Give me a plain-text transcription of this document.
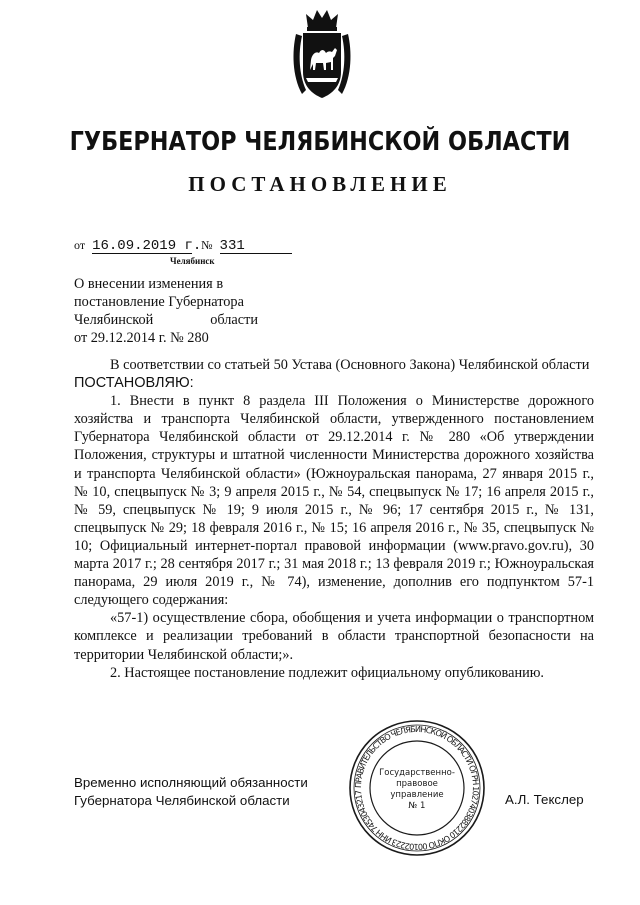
ГУБЕРНАТОР ЧЕЛЯБИНСКОЙ ОБЛАСТИ
ПОСТАНОВЛЕНИЕ
от 16.09.2019 г. № 331
Челябинск
О внесении изменения в
постановление Губернатора
Челябинской	области
от 29.12.2014 г. № 280

В соответствии со статьей 50 Устава (Основного Закона) Челябинской области

ПОСТАНОВЛЯЮ:

1. Внести в пункт 8 раздела III Положения о Министерстве дорожного хозяйства и транспорта Челябинской области, утвержденного постановлением Губернатора Челябинской области от 29.12.2014 г. № 280 «Об утверждении Положения, структуры и штатной численности Министерства дорожного хозяйства и транспорта Челябинской области» (Южноуральская панорама, 27 января 2015 г., № 10, спецвыпуск № 3; 9 апреля 2015 г., № 54, спецвыпуск № 17; 16 апреля 2015 г., № 59, спецвыпуск № 19; 9 июля 2015 г., № 96; 17 сентября 2015 г., № 131, спецвыпуск № 29; 18 февраля 2016 г., № 15; 16 апреля 2016 г., № 35, спецвыпуск № 10; Официальный интернет-портал правовой информации (www.pravo.gov.ru), 30 марта 2017 г.; 28 сентября 2017 г.; 31 мая 2018 г.; 13 февраля 2019 г.; Южноуральская панорама, 29 июля 2019 г., № 74), изменение, дополнив его подпунктом 57-1 следующего содержания:

«57-1) осуществление сбора, обобщения и учета информации о транспортном комплексе и реализации требований в области транспортной безопасности на территории Челябинской области;».

2. Настоящее постановление подлежит официальному опубликованию.

Временно исполняющий обязанности
Губернатора Челябинской области	А.Л. Текслер
ПРАВИТЕЛЬСТВО ЧЕЛЯБИНСКОЙ ОБЛАСТИ ОГРН 1027403882210 ОКПО 00102223 ИНН 7453043217
Государственно-
правовое
управление
№ 1
